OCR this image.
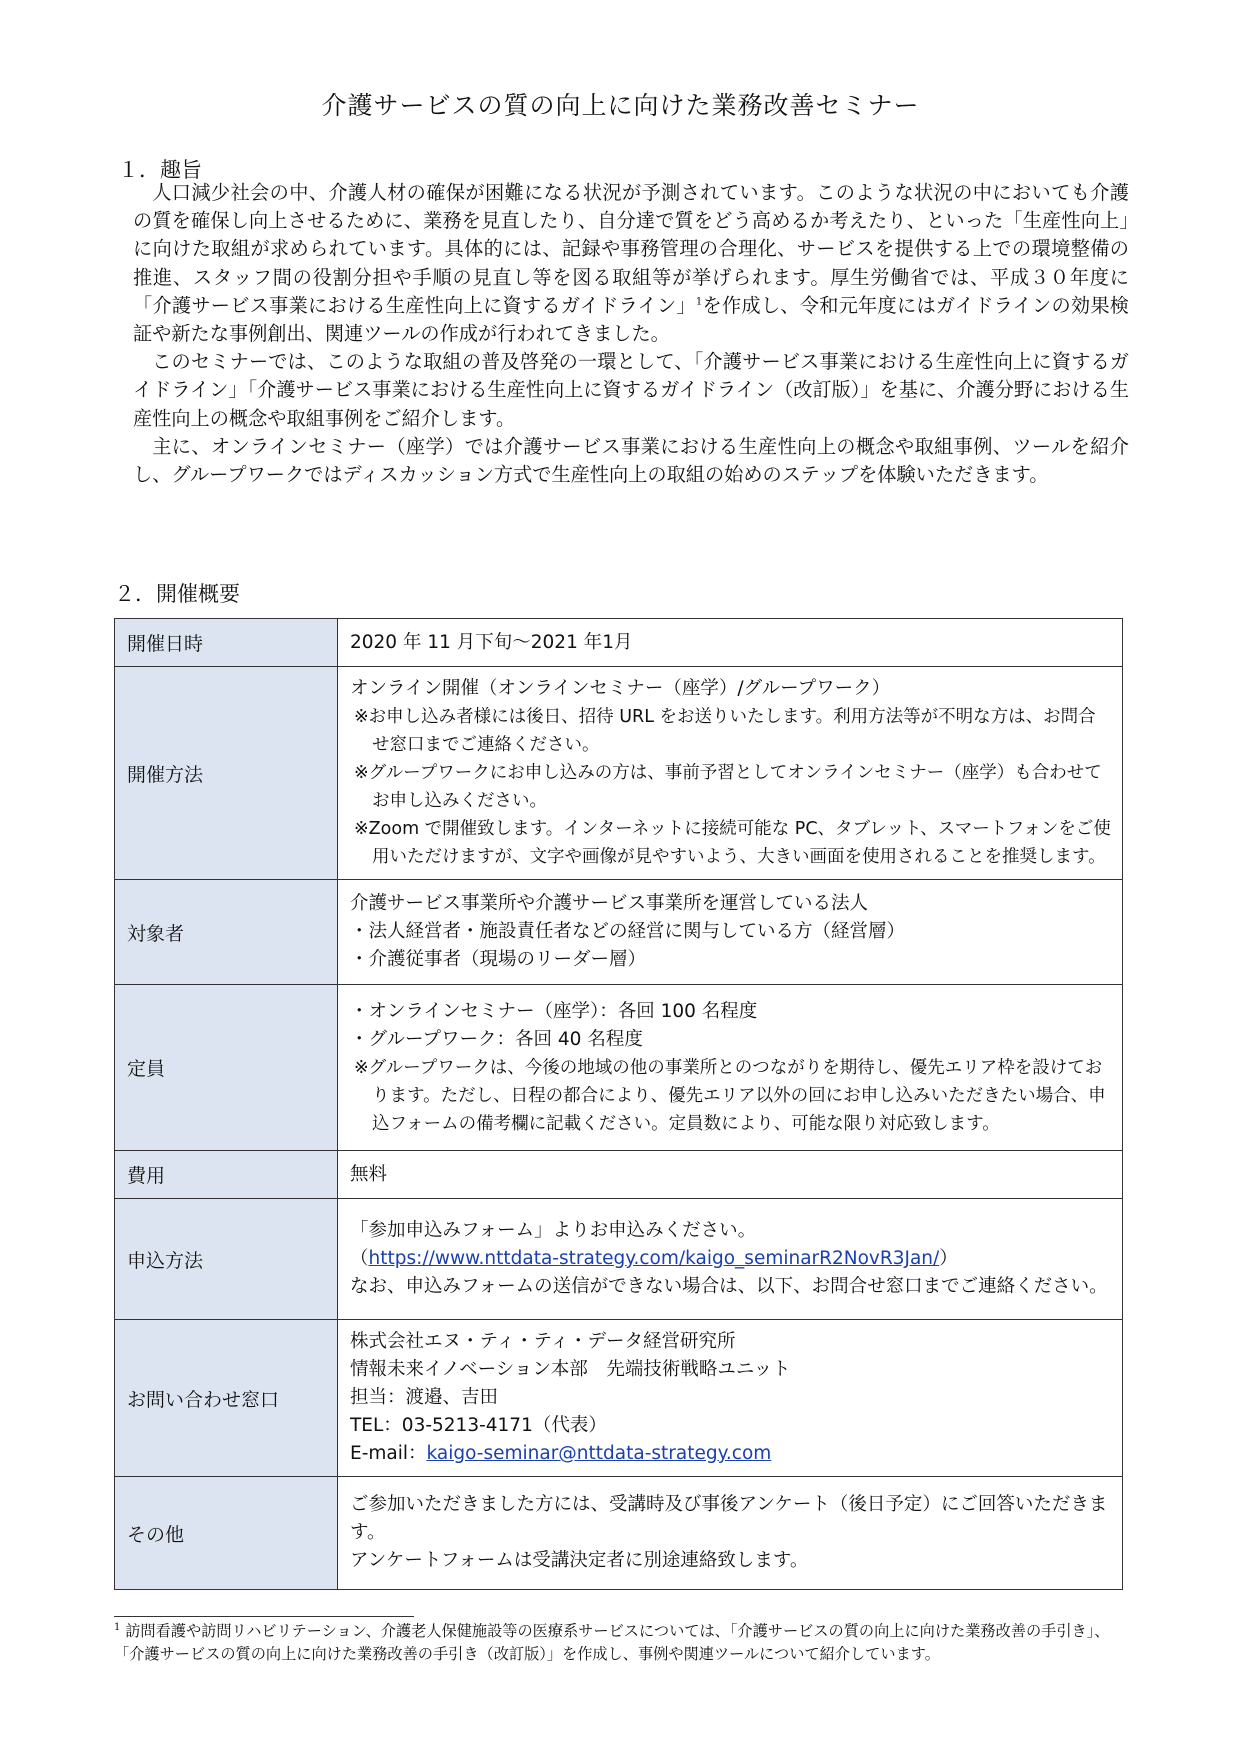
介護サービスの質の向上に向けた業務改善セミナー
１．趣旨

人口減少社会の中、介護人材の確保が困難になる状況が予測されています。このような状況の中においても介護の質を確保し向上させるために、業務を見直したり、自分達で質をどう高めるか考えたり、といった「生産性向上」に向けた取組が求められています。具体的には、記録や事務管理の合理化、サービスを提供する上での環境整備の推進、スタッフ間の役割分担や手順の見直し等を図る取組等が挙げられます。厚生労働省では、平成３０年度に「介護サービス事業における生産性向上に資するガイドライン」$^1$を作成し、令和元年度にはガイドラインの効果検証や新たな事例創出、関連ツールの作成が行われてきました。

このセミナーでは、このような取組の普及啓発の一環として、「介護サービス事業における生産性向上に資するガイドライン」「介護サービス事業における生産性向上に資するガイドライン（改訂版）」を基に、介護分野における生産性向上の概念や取組事例をご紹介します。

主に、オンラインセミナー（座学）では介護サービス事業における生産性向上の概念や取組事例、ツールを紹介し、グループワークではディスカッション方式で生産性向上の取組の始めのステップを体験いただきます。

２．開催概要
開催日時	2020 年 11 月下旬～2021 年1月
開催方法	オンライン開催（オンラインセミナー（座学）/グループワーク）
※お申し込み者様には後日、招待 URL をお送りいたします。利用方法等が不明な方は、お問合せ窓口までご連絡ください。
※グループワークにお申し込みの方は、事前予習としてオンラインセミナー（座学）も合わせてお申し込みください。
※Zoom で開催致します。インターネットに接続可能な PC、タブレット、スマートフォンをご使用いただけますが、文字や画像が見やすいよう、大きい画面を使用されることを推奨します。

対象者	介護サービス事業所や介護サービス事業所を運営している法人
・法人経営者・施設責任者などの経営に関与している方（経営層）
・介護従事者（現場のリーダー層）

定員	・オンラインセミナー（座学）：各回 100 名程度
・グループワーク：各回 40 名程度
※グループワークは、今後の地域の他の事業所とのつながりを期待し、優先エリア枠を設けております。ただし、日程の都合により、優先エリア以外の回にお申し込みいただきたい場合、申込フォームの備考欄に記載ください。定員数により、可能な限り対応致します。

費用	無料
申込方法	「参加申込みフォーム」よりお申込みください。
（https://www.nttdata-strategy.com/kaigo_seminarR2NovR3Jan/）
なお、申込みフォームの送信ができない場合は、以下、お問合せ窓口までご連絡ください。

お問い合わせ窓口	株式会社エヌ・ティ・ティ・データ経営研究所
情報未来イノベーション本部　先端技術戦略ユニット
担当：渡邉、吉田
TEL：03-5213-4171（代表）
E-mail：kaigo-seminar@nttdata-strategy.com

その他	ご参加いただきました方には、受講時及び事後アンケート（後日予定）にご回答いただきます。
アンケートフォームは受講決定者に別途連絡致します。
$^1$ 訪問看護や訪問リハビリテーション、介護老人保健施設等の医療系サービスについては、「介護サービスの質の向上に向けた業務改善の手引き」、「介護サービスの質の向上に向けた業務改善の手引き（改訂版）」を作成し、事例や関連ツールについて紹介しています。
